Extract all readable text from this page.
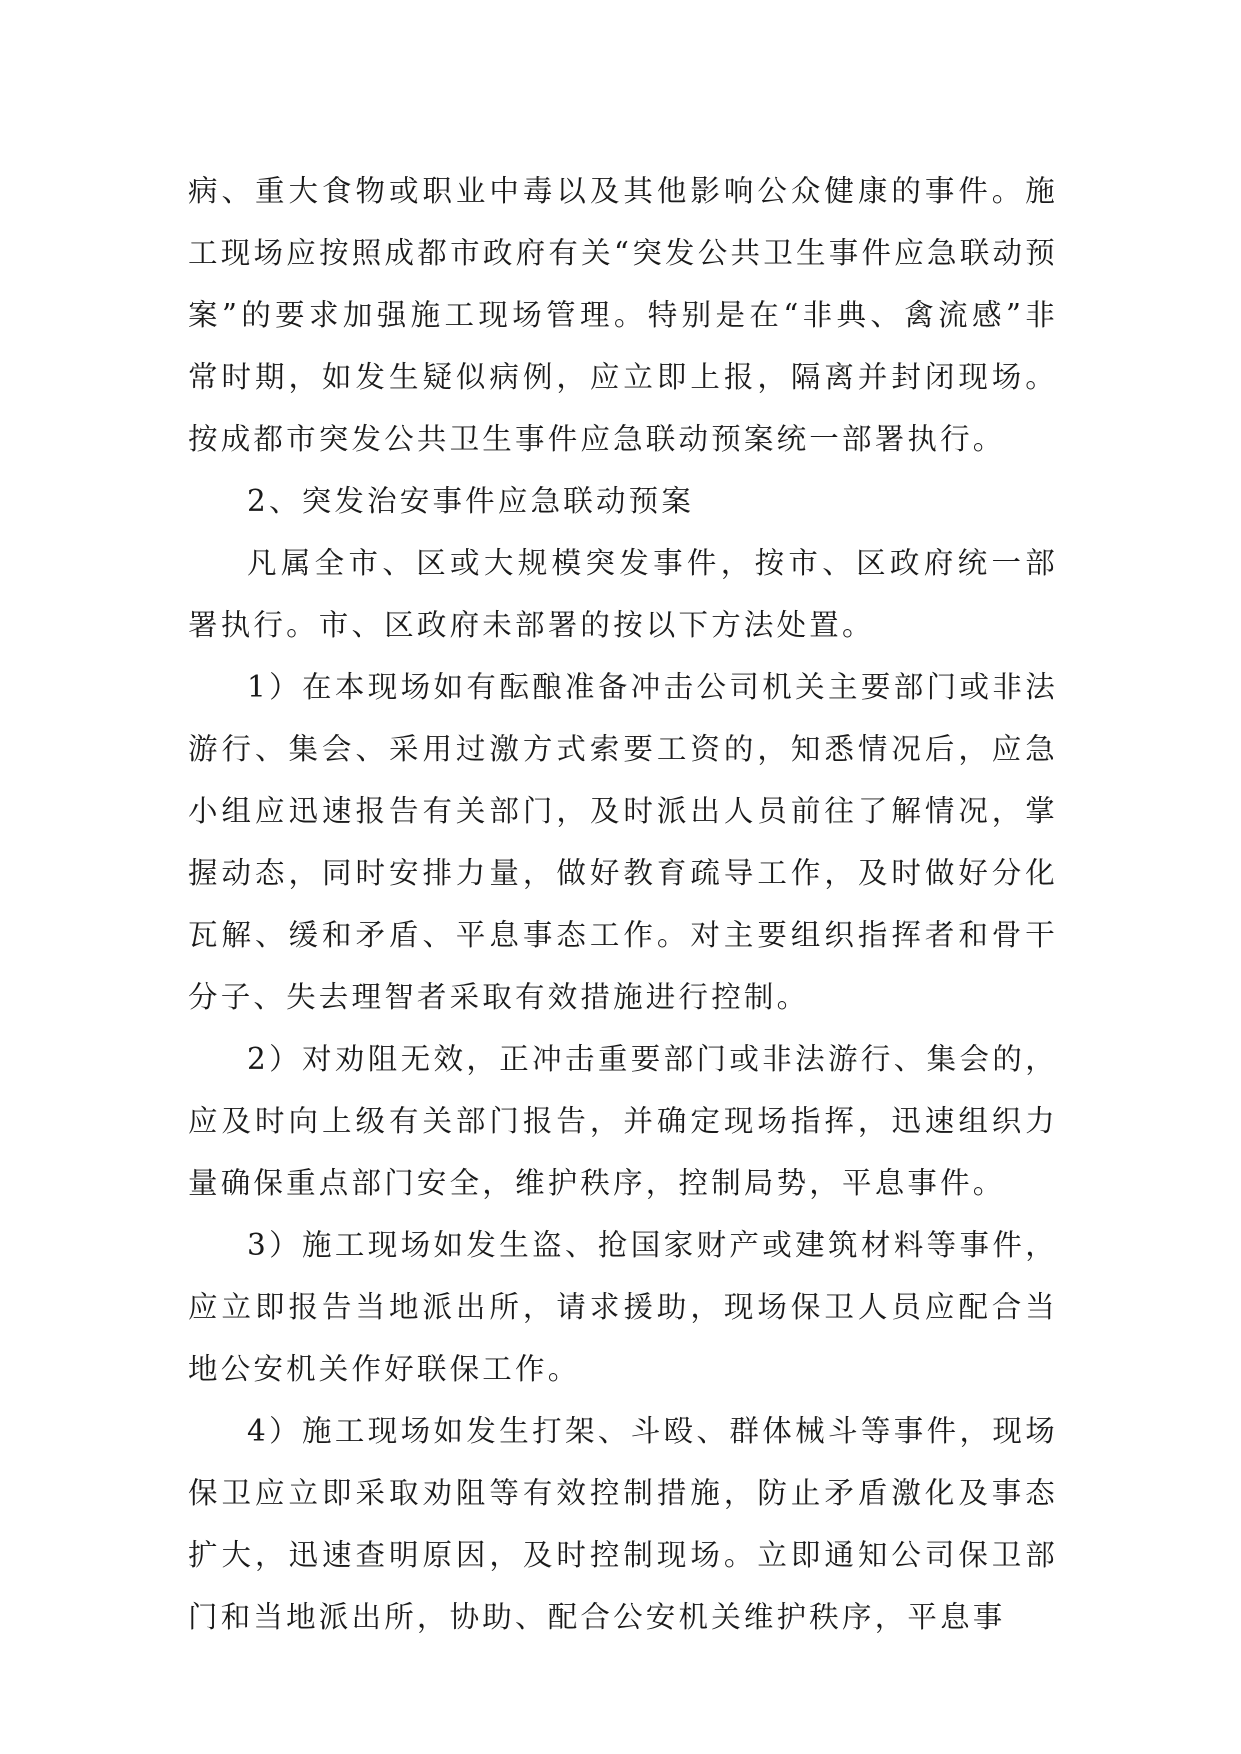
病、重大食物或职业中毒以及其他影响公众健康的事件。施工现场应按照成都市政府有关“突发公共卫生事件应急联动预案”的要求加强施工现场管理。特别是在“非典、禽流感”非常时期，如发生疑似病例，应立即上报，隔离并封闭现场。按成都市突发公共卫生事件应急联动预案统一部署执行。

2、突发治安事件应急联动预案

凡属全市、区或大规模突发事件，按市、区政府统一部署执行。市、区政府未部署的按以下方法处置。

1）在本现场如有酝酿准备冲击公司机关主要部门或非法游行、集会、采用过激方式索要工资的，知悉情况后，应急小组应迅速报告有关部门，及时派出人员前往了解情况，掌握动态，同时安排力量，做好教育疏导工作，及时做好分化瓦解、缓和矛盾、平息事态工作。对主要组织指挥者和骨干分子、失去理智者采取有效措施进行控制。

2）对劝阻无效，正冲击重要部门或非法游行、集会的，应及时向上级有关部门报告，并确定现场指挥，迅速组织力量确保重点部门安全，维护秩序，控制局势，平息事件。

3）施工现场如发生盗、抢国家财产或建筑材料等事件，应立即报告当地派出所，请求援助，现场保卫人员应配合当地公安机关作好联保工作。

4）施工现场如发生打架、斗殴、群体械斗等事件，现场保卫应立即采取劝阻等有效控制措施，防止矛盾激化及事态扩大，迅速查明原因，及时控制现场。立即通知公司保卫部门和当地派出所，协助、配合公安机关维护秩序，平息事
